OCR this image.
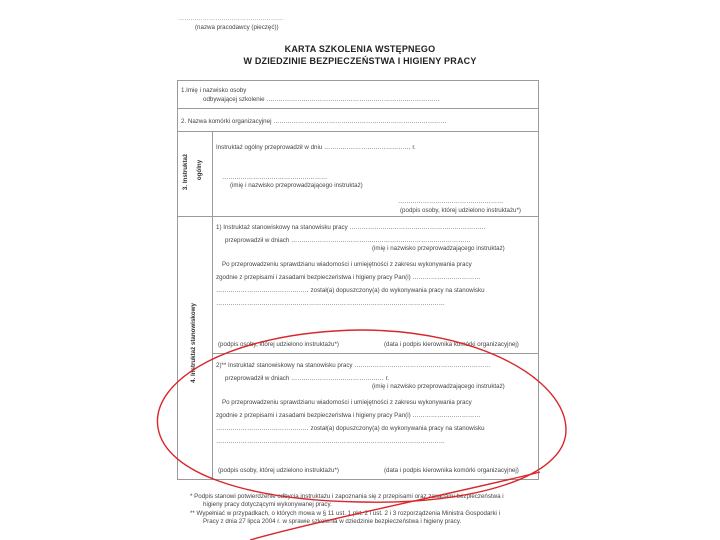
……………………………………………
(nazwa pracodawcy (pieczęć))
KARTA SZKOLENIA WSTĘPNEGO
W DZIEDZINIE BEZPIECZEŃSTWA I HIGIENY PRACY
1.Imię i nazwisko osoby
odbywającej szkolenie …………………………………………………………………………
2. Nazwa komórki organizacyjnej …………………………………………………………………………
3. Instruktaż ogólny
Instruktaż ogólny przeprowadził w dniu …………………………………… r.
……………………………………………
(imię i nazwisko przeprowadzającego instruktaż)
……………………………………………
(podpis osoby, której udzielono instruktażu*)
4. Instruktaż stanowiskowy
1) Instruktaż stanowiskowy na stanowisku pracy …………………………………………………………
przeprowadził w dniach ……………………………………………………………………………
(imię i nazwisko przeprowadzającego instruktaż)
Po przeprowadzeniu sprawdzianu wiadomości i umiejętności z zakresu wykonywania pracy
zgodnie z przepisami i zasadami bezpieczeństwa i higieny pracy Pan(i) ……………………………
……………………………………… został(a) dopuszczony(a) do wykonywania pracy na stanowisku
…………………………………………………………………………………………………
(podpis osoby, której udzielono instruktażu*)	(data i podpis kierownika komórki organizacyjnej)
2)** Instruktaż stanowiskowy na stanowisku pracy …………………………………………………………
przeprowadził w dniach ……………………………………… r.
(imię i nazwisko przeprowadzającego instruktaż)
Po przeprowadzeniu sprawdzianu wiadomości i umiejętności z zakresu wykonywania pracy
zgodnie z przepisami i zasadami bezpieczeństwa i higieny pracy Pan(i) ……………………………
……………………………………… został(a) dopuszczony(a) do wykonywania pracy na stanowisku
…………………………………………………………………………………………………
(podpis osoby, której udzielono instruktażu*)	(data i podpis kierownika komórki organizacyjnej)
* Podpis stanowi potwierdzenie odbycia instruktażu i zapoznania się z przepisami oraz zasadami bezpieczeństwa i
higieny pracy dotyczącymi wykonywanej pracy.
** Wypełniać w przypadkach, o których mowa w § 11 ust. 1 pkt. 2 i ust. 2 i 3 rozporządzenia Ministra Gospodarki i
Pracy z dnia 27 lipca 2004 r. w sprawie szkolenia w dziedzinie bezpieczeństwa i higieny pracy.
